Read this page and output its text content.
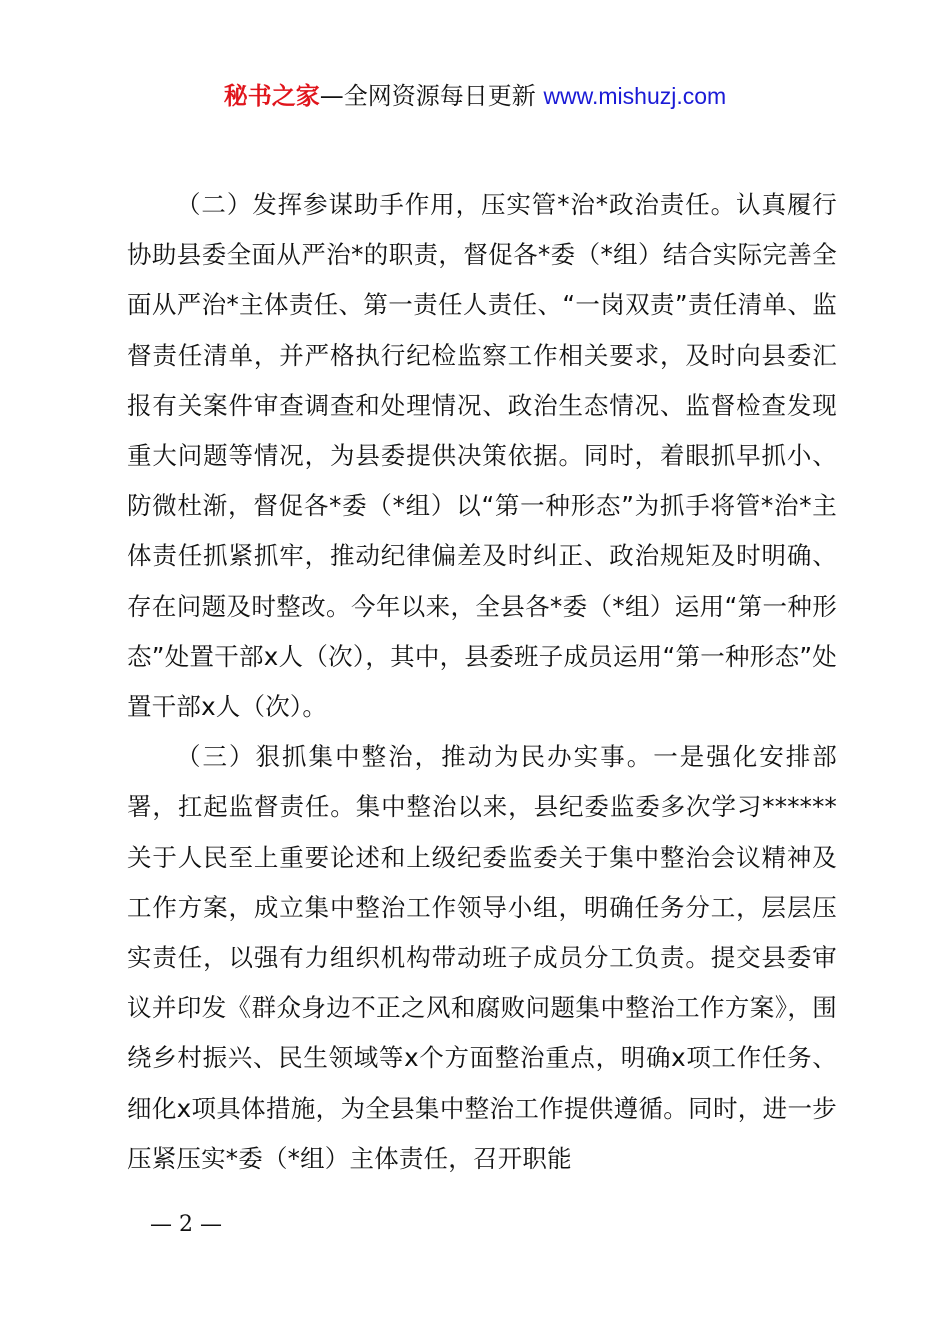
秘书之家—全网资源每日更新 www.mishuzj.com

（二）发挥参谋助手作用，压实管*治*政治责任。认真履行协助县委全面从严治*的职责，督促各*委（*组）结合实际完善全面从严治*主体责任、第一责任人责任、“一岗双责”责任清单、监督责任清单，并严格执行纪检监察工作相关要求，及时向县委汇报有关案件审查调查和处理情况、政治生态情况、监督检查发现重大问题等情况，为县委提供决策依据。同时，着眼抓早抓小、防微杜渐，督促各*委（*组）以“第一种形态”为抓手将管*治*主体责任抓紧抓牢，推动纪律偏差及时纠正、政治规矩及时明确、存在问题及时整改。今年以来，全县各*委（*组）运用“第一种形态”处置干部x人（次），其中，县委班子成员运用“第一种形态”处置干部x人（次）。

（三）狠抓集中整治，推动为民办实事。一是强化安排部署，扛起监督责任。集中整治以来，县纪委监委多次学习******关于人民至上重要论述和上级纪委监委关于集中整治会议精神及工作方案，成立集中整治工作领导小组，明确任务分工，层层压实责任，以强有力组织机构带动班子成员分工负责。提交县委审议并印发《群众身边不正之风和腐败问题集中整治工作方案》，围绕乡村振兴、民生领域等x个方面整治重点，明确x项工作任务、细化x项具体措施，为全县集中整治工作提供遵循。同时，进一步压紧压实*委（*组）主体责任，召开职能

— 2 —
